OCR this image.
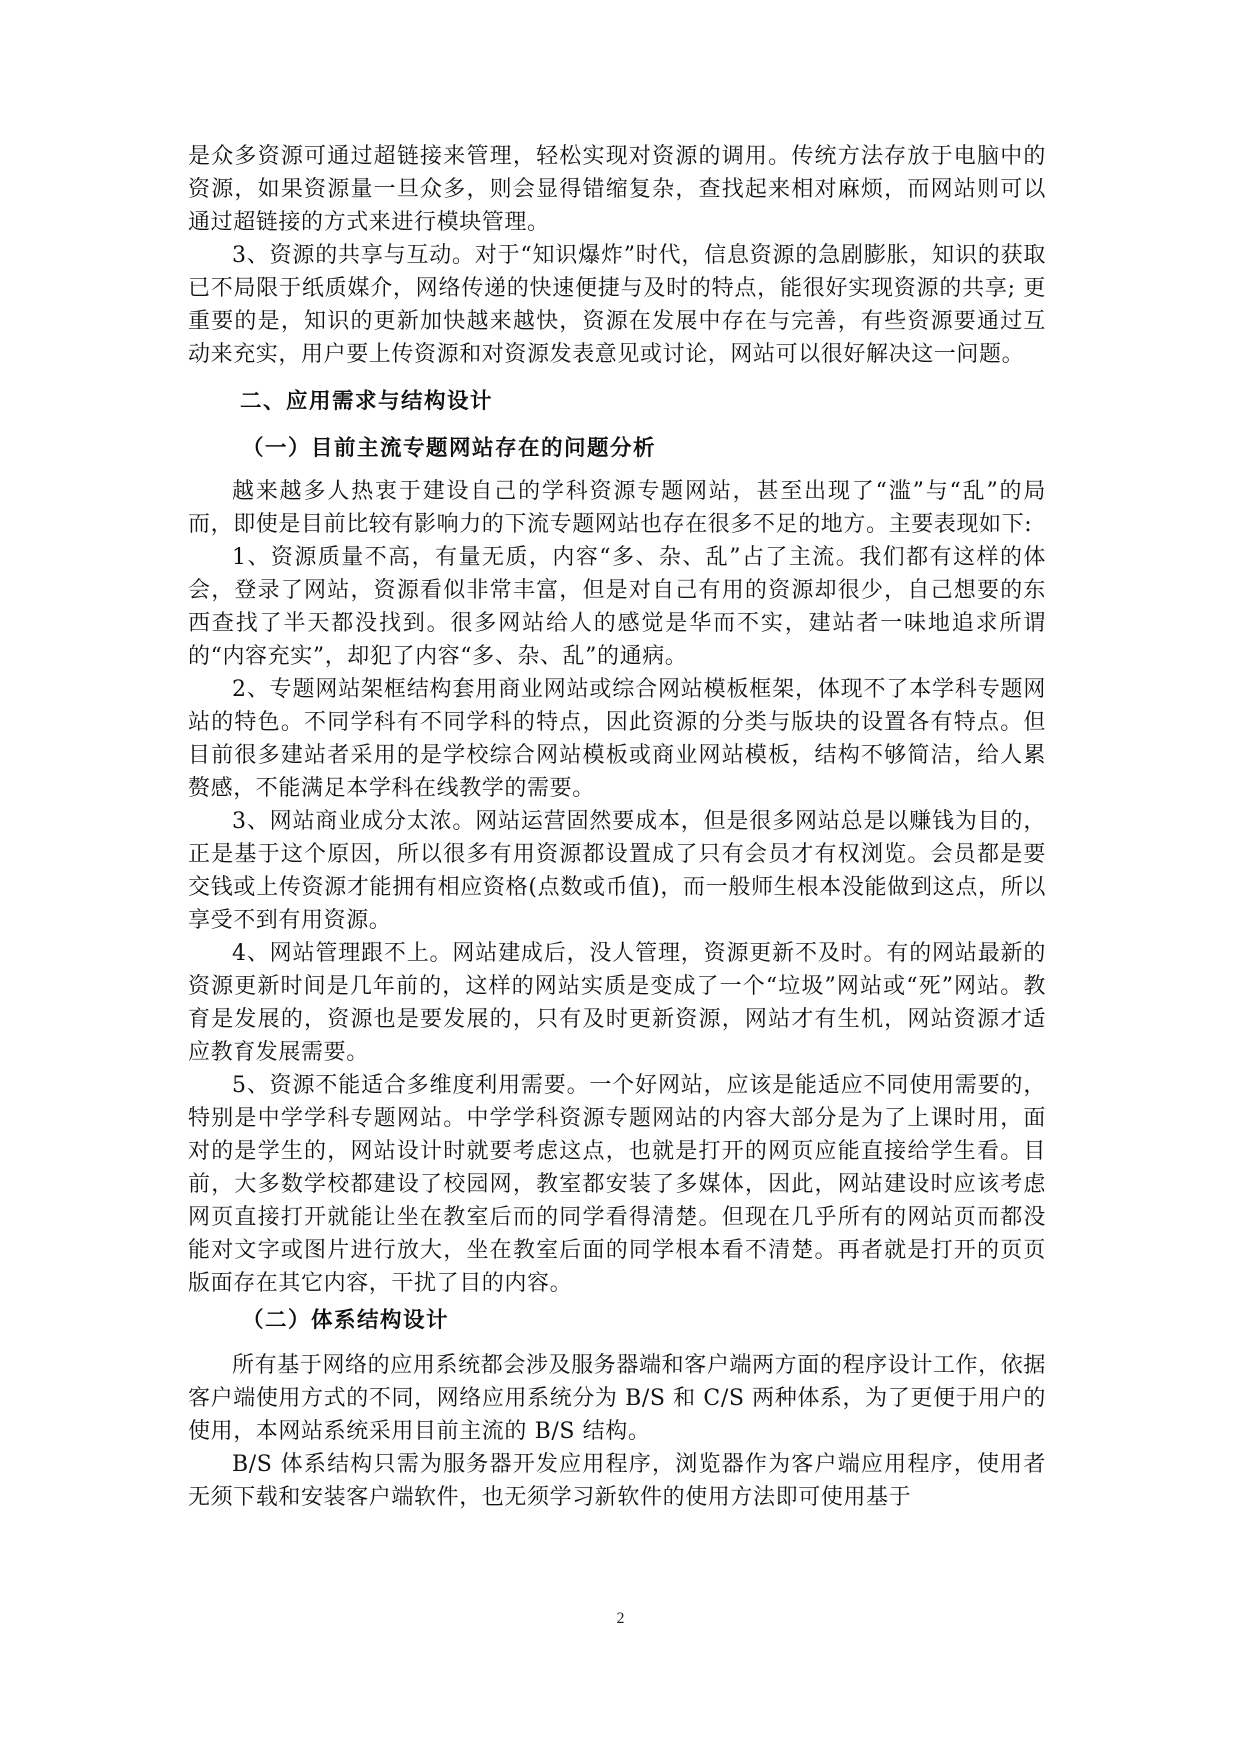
是众多资源可通过超链接来管理，轻松实现对资源的调用。传统方法存放于电脑中的资源，如果资源量一旦众多，则会显得错缩复杂，查找起来相对麻烦，而网站则可以通过超链接的方式来进行模块管理。

3、资源的共享与互动。对于“知识爆炸”时代，信息资源的急剧膨胀，知识的获取已不局限于纸质媒介，网络传递的快速便捷与及时的特点，能很好实现资源的共享; 更重要的是，知识的更新加快越来越快，资源在发展中存在与完善，有些资源要通过互动来充实，用户要上传资源和对资源发表意见或讨论，网站可以很好解决这一问题。

二、应用需求与结构设计
（一）目前主流专题网站存在的问题分析

越来越多人热衷于建设自己的学科资源专题网站，甚至出现了“滥”与“乱”的局而，即使是目前比较有影响力的下流专题网站也存在很多不足的地方。主要表现如下:

1、资源质量不高，有量无质，内容“多、杂、乱”占了主流。我们都有这样的体会，登录了网站，资源看似非常丰富，但是对自己有用的资源却很少，自己想要的东西查找了半天都没找到。很多网站给人的感觉是华而不实，建站者一味地追求所谓的“内容充实”，却犯了内容“多、杂、乱”的通病。

2、专题网站架框结构套用商业网站或综合网站模板框架，体现不了本学科专题网站的特色。不同学科有不同学科的特点，因此资源的分类与版块的设置各有特点。但目前很多建站者采用的是学校综合网站模板或商业网站模板，结构不够简洁，给人累赘感，不能满足本学科在线教学的需要。

3、网站商业成分太浓。网站运营固然要成本，但是很多网站总是以赚钱为目的，正是基于这个原因，所以很多有用资源都设置成了只有会员才有权浏览。会员都是要交钱或上传资源才能拥有相应资格(点数或币值)，而一般师生根本没能做到这点，所以享受不到有用资源。

4、网站管理跟不上。网站建成后，没人管理，资源更新不及时。有的网站最新的资源更新时间是几年前的，这样的网站实质是变成了一个“垃圾”网站或“死”网站。教育是发展的，资源也是要发展的，只有及时更新资源，网站才有生机，网站资源才适应教育发展需要。

5、资源不能适合多维度利用需要。一个好网站，应该是能适应不同使用需要的，特别是中学学科专题网站。中学学科资源专题网站的内容大部分是为了上课时用，面对的是学生的，网站设计时就要考虑这点，也就是打开的网页应能直接给学生看。目前，大多数学校都建设了校园网，教室都安装了多媒体，因此，网站建设时应该考虑网页直接打开就能让坐在教室后而的同学看得清楚。但现在几乎所有的网站页而都没能对文字或图片进行放大，坐在教室后面的同学根本看不清楚。再者就是打开的页页版面存在其它内容，干扰了目的内容。

（二）体系结构设计

所有基于网络的应用系统都会涉及服务器端和客户端两方面的程序设计工作，依据客户端使用方式的不同，网络应用系统分为 B/S 和 C/S 两种体系，为了更便于用户的使用，本网站系统采用目前主流的 B/S 结构。

B/S 体系结构只需为服务器开发应用程序，浏览器作为客户端应用程序，使用者无须下载和安装客户端软件，也无须学习新软件的使用方法即可使用基于

2
